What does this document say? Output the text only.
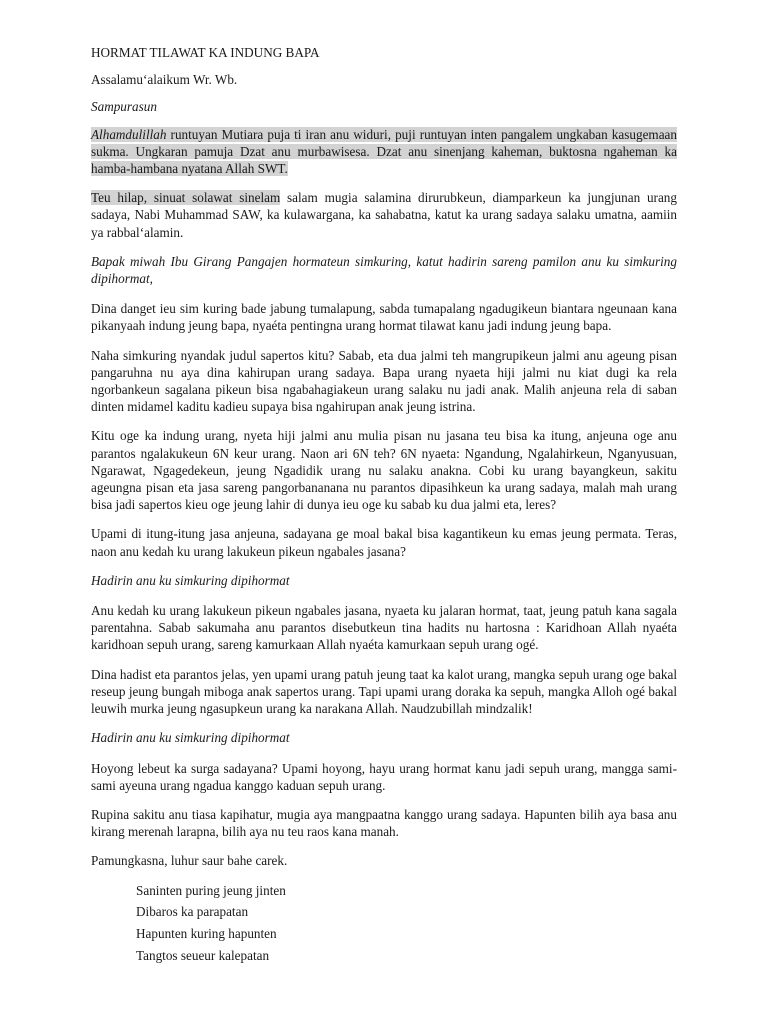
HORMAT TILAWAT KA INDUNG BAPA

Assalamu‘alaikum Wr. Wb.

Sampurasun

Alhamdulillah runtuyan Mutiara puja ti iran anu widuri, puji runtuyan inten pangalem ungkaban kasugemaan sukma. Ungkaran pamuja Dzat anu murbawisesa. Dzat anu sinenjang kaheman, buktosna ngaheman ka hamba-hambana nyatana Allah SWT.

Teu hilap, sinuat solawat sinelam salam mugia salamina dirurubkeun, diamparkeun ka jungjunan urang sadaya, Nabi Muhammad SAW, ka kulawargana, ka sahabatna, katut ka urang sadaya salaku umatna, aamiin ya rabbal‘alamin.

Bapak miwah Ibu Girang Pangajen hormateun simkuring, katut hadirin sareng pamilon anu ku simkuring dipihormat,

Dina danget ieu sim kuring bade jabung tumalapung, sabda tumapalang ngadugikeun biantara ngeunaan kana pikanyaah indung jeung bapa, nyaéta pentingna urang hormat tilawat kanu jadi indung jeung bapa.

Naha simkuring nyandak judul sapertos kitu? Sabab, eta dua jalmi teh mangrupikeun jalmi anu ageung pisan pangaruhna nu aya dina kahirupan urang sadaya. Bapa urang nyaeta hiji jalmi nu kiat dugi ka rela ngorbankeun sagalana pikeun bisa ngabahagiakeun urang salaku nu jadi anak. Malih anjeuna rela di saban dinten midamel kaditu kadieu supaya bisa ngahirupan anak jeung istrina.

Kitu oge ka indung urang, nyeta hiji jalmi anu mulia pisan nu jasana teu bisa ka itung, anjeuna oge anu parantos ngalakukeun 6N keur urang. Naon ari 6N teh? 6N nyaeta: Ngandung, Ngalahirkeun, Nganyusuan, Ngarawat, Ngagedekeun, jeung Ngadidik urang nu salaku anakna. Cobi ku urang bayangkeun, sakitu ageungna pisan eta jasa sareng pangorbananana nu parantos dipasihkeun ka urang sadaya, malah mah urang bisa jadi sapertos kieu oge jeung lahir di dunya ieu oge ku sabab ku dua jalmi eta, leres?

Upami di itung-itung jasa anjeuna, sadayana ge moal bakal bisa kagantikeun ku emas jeung permata. Teras, naon anu kedah ku urang lakukeun pikeun ngabales jasana?

Hadirin anu ku simkuring dipihormat

Anu kedah ku urang lakukeun pikeun ngabales jasana, nyaeta ku jalaran hormat, taat, jeung patuh kana sagala parentahna. Sabab sakumaha anu parantos disebutkeun tina hadits nu hartosna : Karidhoan Allah nyaéta karidhoan sepuh urang, sareng kamurkaan Allah nyaéta kamurkaan sepuh urang ogé.

Dina hadist eta parantos jelas, yen upami urang patuh jeung taat ka kalot urang, mangka sepuh urang oge bakal reseup jeung bungah miboga anak sapertos urang. Tapi upami urang doraka ka sepuh, mangka Alloh ogé bakal leuwih murka jeung ngasupkeun urang ka narakana Allah. Naudzubillah mindzalik!

Hadirin anu ku simkuring dipihormat

Hoyong lebeut ka surga sadayana? Upami hoyong, hayu urang hormat kanu jadi sepuh urang, mangga sami-sami ayeuna urang ngadua kanggo kaduan sepuh urang.

Rupina sakitu anu tiasa kapihatur, mugia aya mangpaatna kanggo urang sadaya. Hapunten bilih aya basa anu kirang merenah larapna, bilih aya nu teu raos kana manah.

Pamungkasna, luhur saur bahe carek.

Saninten puring jeung jinten
Dibaros ka parapatan
Hapunten kuring hapunten
Tangtos seueur kalepatan
